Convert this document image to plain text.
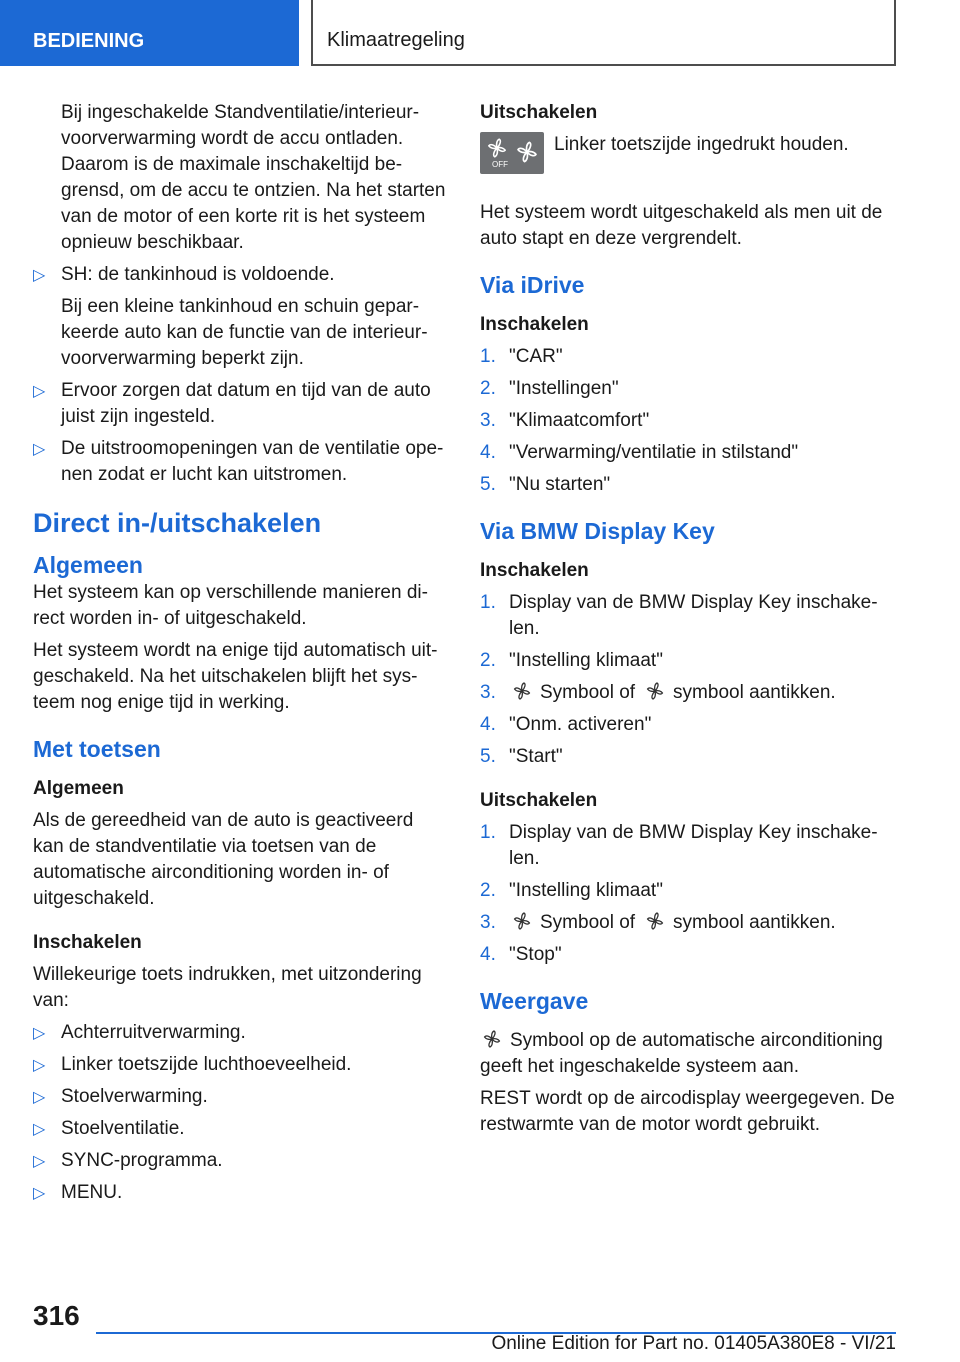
BEDIENING	Klimaatregeling

Bij ingeschakelde Standventilatie/interieurvoorverwarming wordt de accu ontladen. Daarom is de maximale inschakeltijd begrensd, om de accu te ontzien. Na het starten van de motor of een korte rit is het systeem opnieuw beschikbaar.

▷ SH: de tankinhoud is voldoende.

Bij een kleine tankinhoud en schuin geparkeerde auto kan de functie van de interieurvoorverwarming beperkt zijn.

▷ Ervoor zorgen dat datum en tijd van de auto juist zijn ingesteld.
▷ De uitstroomopeningen van de ventilatie openen zodat er lucht kan uitstromen.
Direct in-/uitschakelen
Algemeen

Het systeem kan op verschillende manieren direct worden in- of uitgeschakeld.

Het systeem wordt na enige tijd automatisch uitgeschakeld. Na het uitschakelen blijft het systeem nog enige tijd in werking.

Met toetsen
Algemeen

Als de gereedheid van de auto is geactiveerd kan de standventilatie via toetsen van de automatische airconditioning worden in- of uitgeschakeld.

Inschakelen

Willekeurige toets indrukken, met uitzondering van:

▷ Achterruitverwarming.
▷ Linker toetszijde luchthoeveelheid.
▷ Stoelverwarming.
▷ Stoelventilatie.
▷ SYNC-programma.
▷ MENU.
Uitschakelen
OFF
Linker toetszijde ingedrukt houden.

Het systeem wordt uitgeschakeld als men uit de auto stapt en deze vergrendelt.

Via iDrive
Inschakelen
1. "CAR"
2. "Instellingen"
3. "Klimaatcomfort"
4. "Verwarming/ventilatie in stilstand"
5. "Nu starten"
Via BMW Display Key
Inschakelen
1. Display van de BMW Display Key inschakelen.
2. "Instelling klimaat"
3. Symbool of symbool aantikken.
4. "Onm. activeren"
5. "Start"
Uitschakelen
1. Display van de BMW Display Key inschakelen.
2. "Instelling klimaat"
3. Symbool of symbool aantikken.
4. "Stop"
Weergave

Symbool op de automatische airconditioning geeft het ingeschakelde systeem aan.

REST wordt op de aircodisplay weergegeven. De restwarmte van de motor wordt gebruikt.

316
Online Edition for Part no. 01405A380E8 - VI/21
